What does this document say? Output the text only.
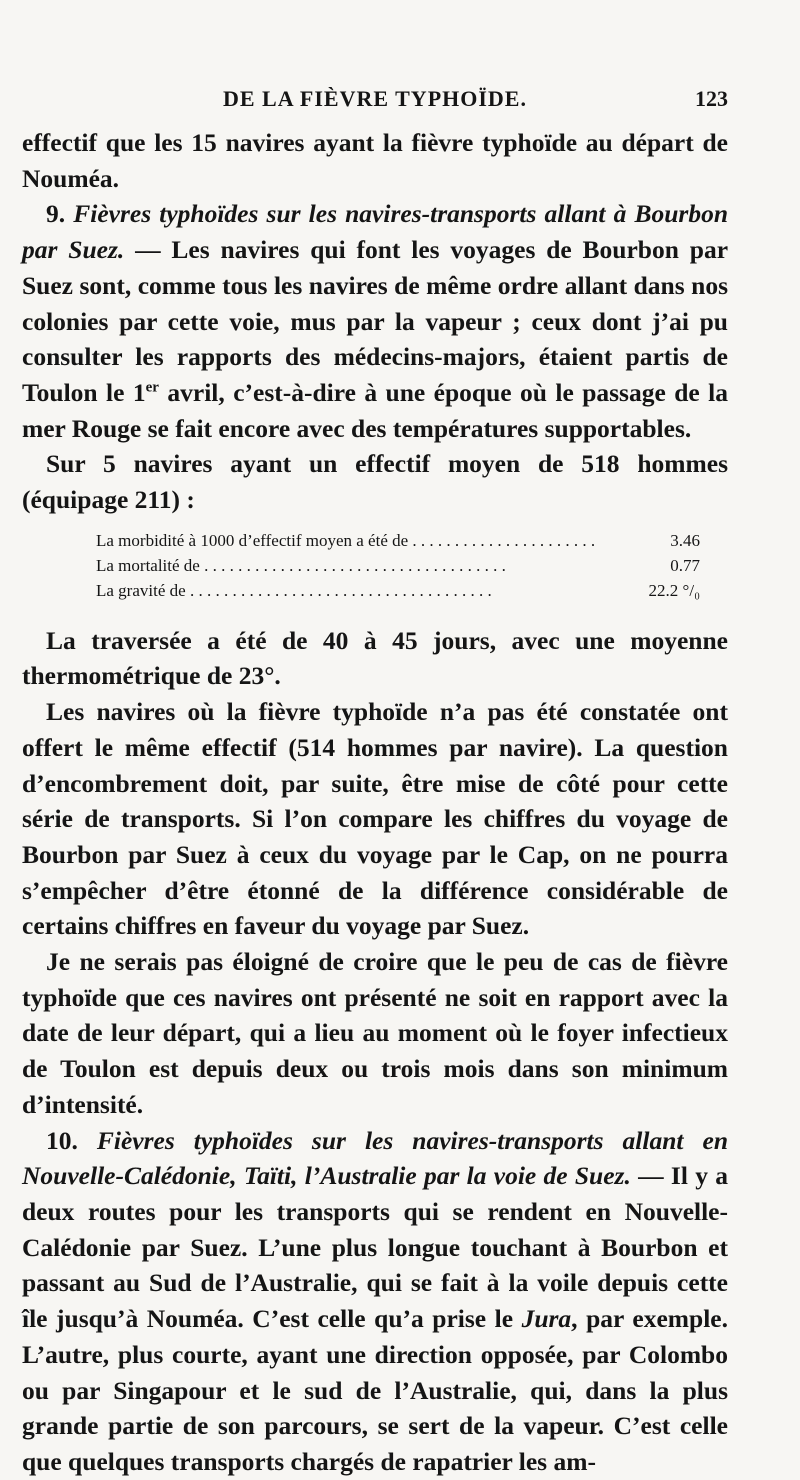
DE LA FIÈVRE TYPHOÏDE.	123

effectif que les 15 navires ayant la fièvre typhoïde au départ de Nouméa.

9. Fièvres typhoïdes sur les navires-transports allant à Bourbon par Suez. — Les navires qui font les voyages de Bourbon par Suez sont, comme tous les navires de même ordre allant dans nos colonies par cette voie, mus par la vapeur ; ceux dont j’ai pu consulter les rapports des médecins-majors, étaient partis de Toulon le 1er avril, c’est-à-dire à une époque où le passage de la mer Rouge se fait encore avec des températures supportables.

Sur 5 navires ayant un effectif moyen de 518 hommes (équipage 211) :

La morbidité à 1000 d’effectif moyen a été de . . .	3.46
La mortalité de . . .	0.77
La gravité de . . .	22.2 °/₀

La traversée a été de 40 à 45 jours, avec une moyenne thermométrique de 23°.

Les navires où la fièvre typhoïde n’a pas été constatée ont offert le même effectif (514 hommes par navire). La question d’encombrement doit, par suite, être mise de côté pour cette série de transports. Si l’on compare les chiffres du voyage de Bourbon par Suez à ceux du voyage par le Cap, on ne pourra s’empêcher d’être étonné de la différence considérable de certains chiffres en faveur du voyage par Suez.

Je ne serais pas éloigné de croire que le peu de cas de fièvre typhoïde que ces navires ont présenté ne soit en rapport avec la date de leur départ, qui a lieu au moment où le foyer infectieux de Toulon est depuis deux ou trois mois dans son minimum d’intensité.

10. Fièvres typhoïdes sur les navires-transports allant en Nouvelle-Calédonie, Taïti, l’Australie par la voie de Suez. — Il y a deux routes pour les transports qui se rendent en Nouvelle-Calédonie par Suez. L’une plus longue touchant à Bourbon et passant au Sud de l’Australie, qui se fait à la voile depuis cette île jusqu’à Nouméa. C’est celle qu’a prise le Jura, par exemple. L’autre, plus courte, ayant une direction opposée, par Colombo ou par Singapour et le sud de l’Australie, qui, dans la plus grande partie de son parcours, se sert de la vapeur. C’est celle que quelques transports chargés de rapatrier les am-
